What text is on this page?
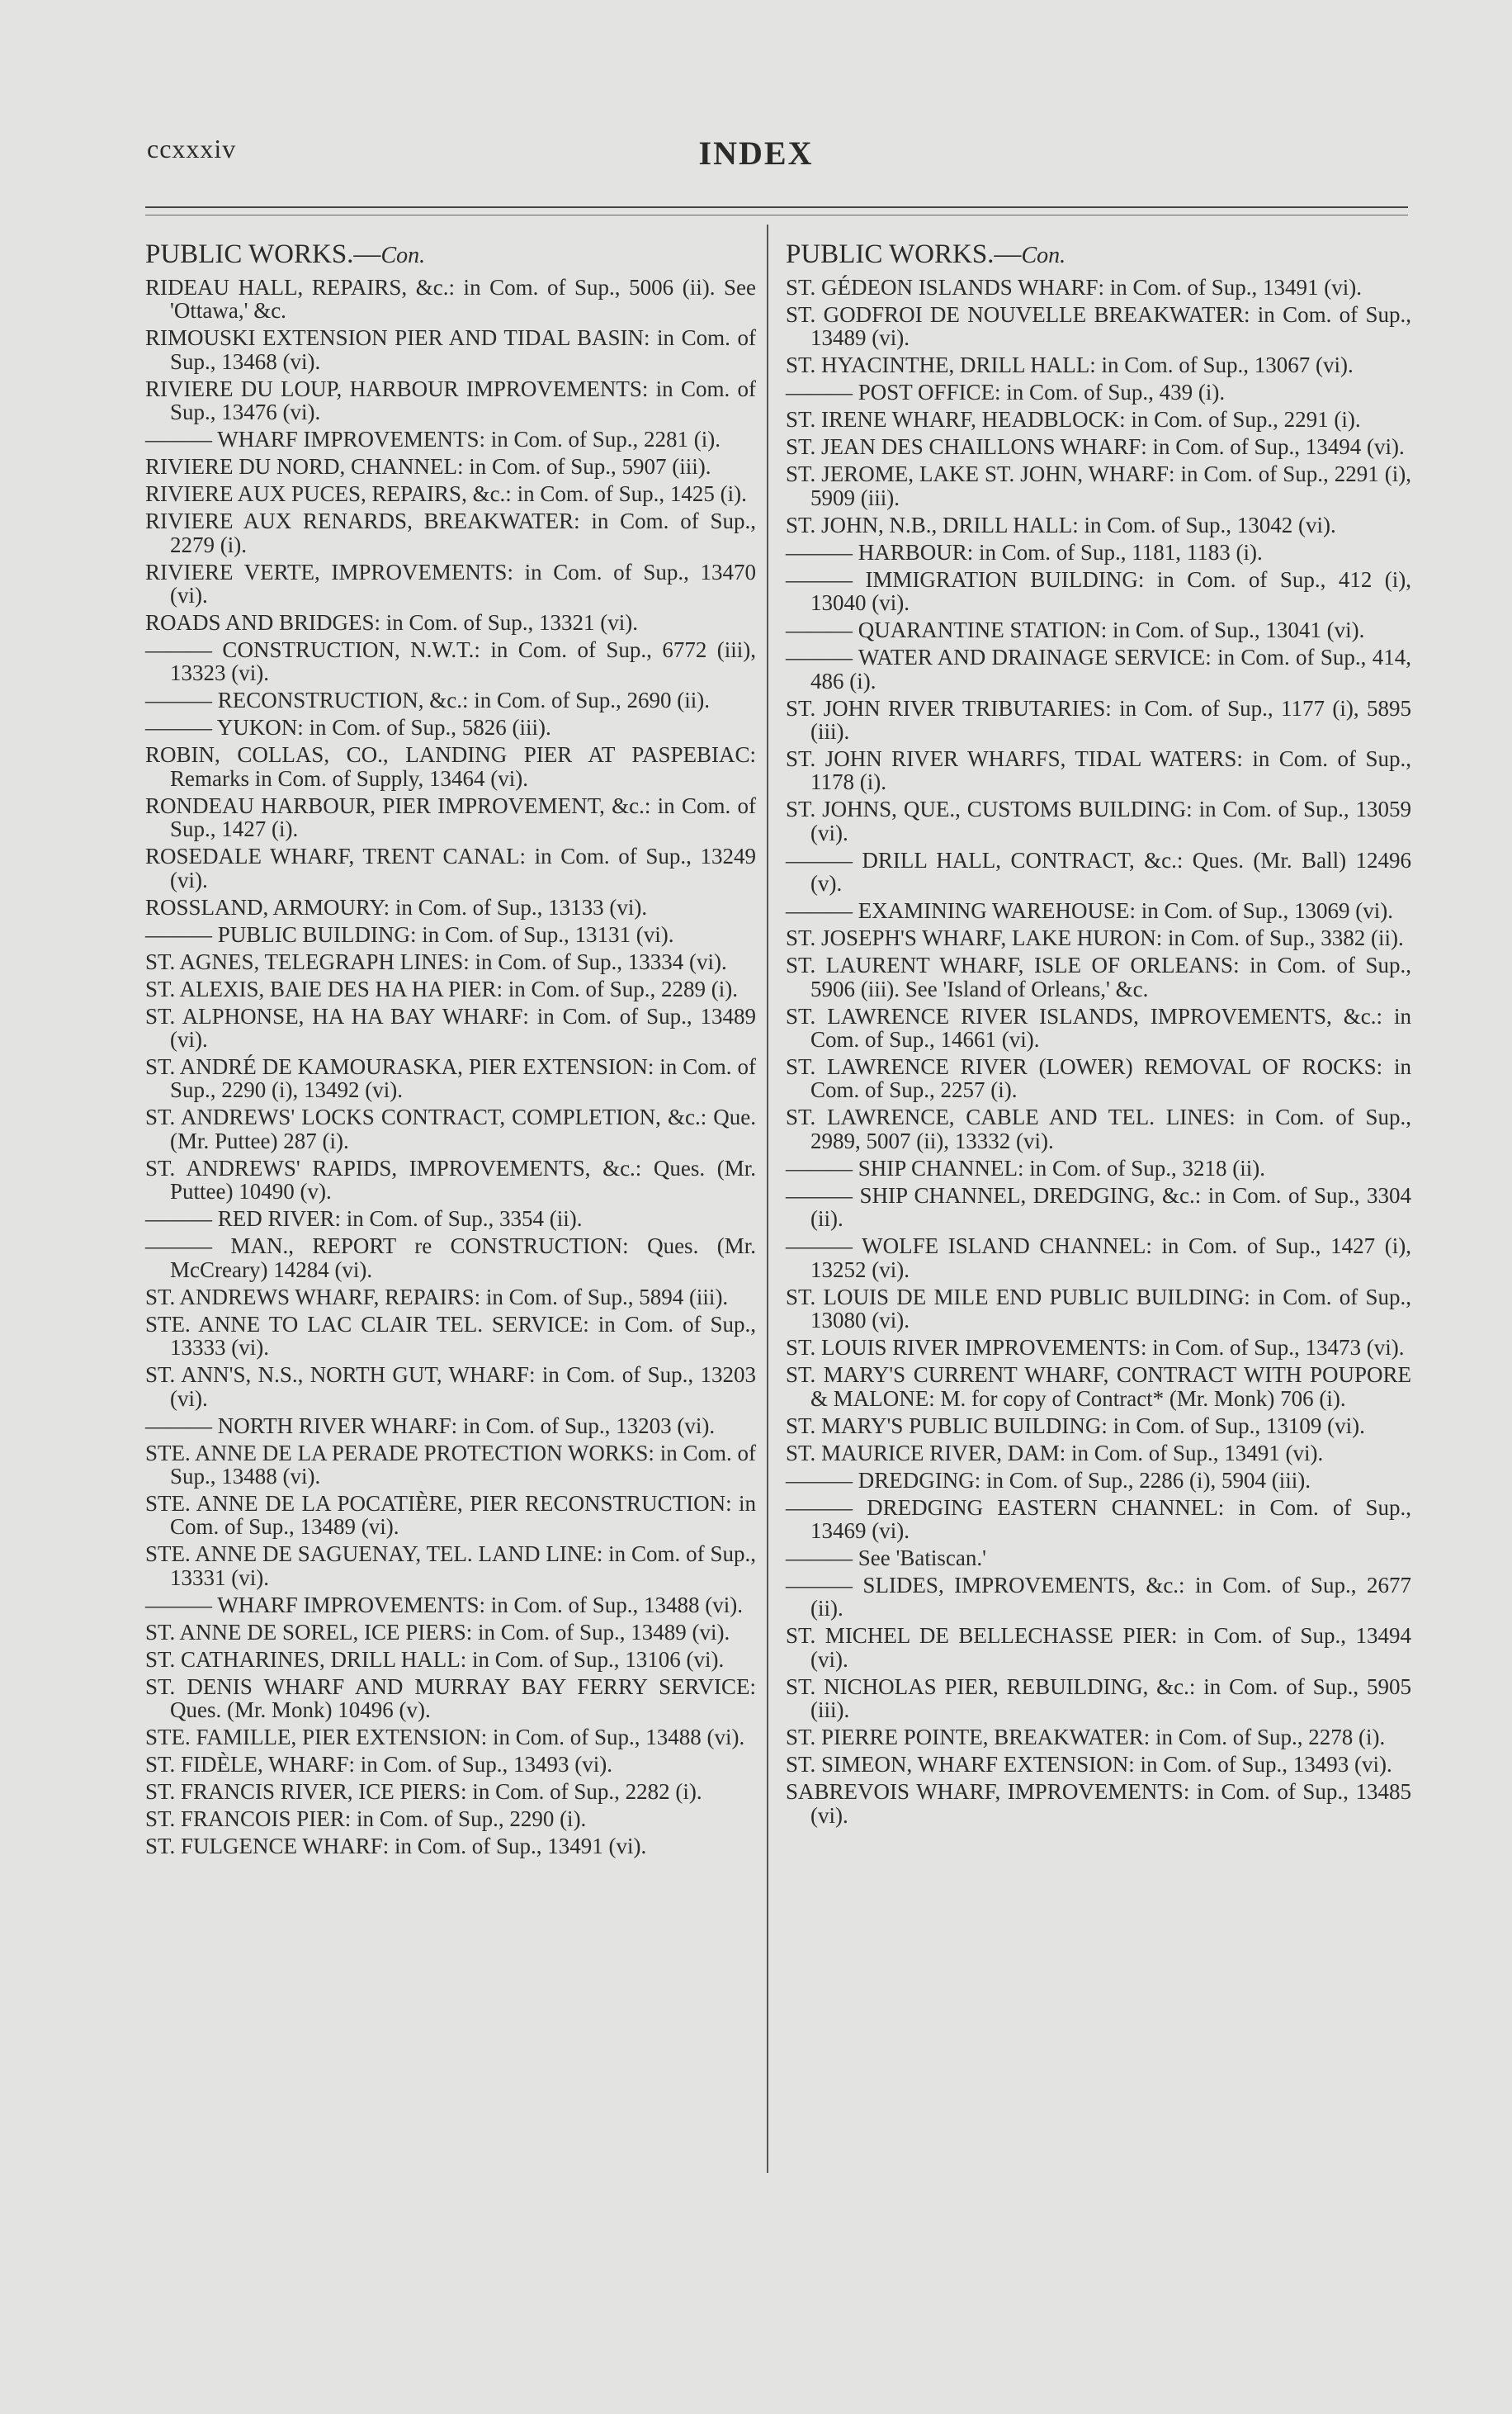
ccxxxiv	INDEX
PUBLIC WORKS.—Con.
RIDEAU HALL, REPAIRS, &c.: in Com. of Sup., 5006 (ii). See 'Ottawa,' &c.
RIMOUSKI EXTENSION PIER AND TIDAL BASIN: in Com. of Sup., 13468 (vi).
RIVIERE DU LOUP, HARBOUR IMPROVEMENTS: in Com. of Sup., 13476 (vi).
——— WHARF IMPROVEMENTS: in Com. of Sup., 2281 (i).
RIVIERE DU NORD, CHANNEL: in Com. of Sup., 5907 (iii).
RIVIERE AUX PUCES, REPAIRS, &c.: in Com. of Sup., 1425 (i).
RIVIERE AUX RENARDS, BREAKWATER: in Com. of Sup., 2279 (i).
RIVIERE VERTE, IMPROVEMENTS: in Com. of Sup., 13470 (vi).
ROADS AND BRIDGES: in Com. of Sup., 13321 (vi).
——— CONSTRUCTION, N.W.T.: in Com. of Sup., 6772 (iii), 13323 (vi).
——— RECONSTRUCTION, &c.: in Com. of Sup., 2690 (ii).
——— YUKON: in Com. of Sup., 5826 (iii).
ROBIN, COLLAS, CO., LANDING PIER AT PASPEBIAC: Remarks in Com. of Supply, 13464 (vi).
RONDEAU HARBOUR, PIER IMPROVEMENT, &c.: in Com. of Sup., 1427 (i).
ROSEDALE WHARF, TRENT CANAL: in Com. of Sup., 13249 (vi).
ROSSLAND, ARMOURY: in Com. of Sup., 13133 (vi).
——— PUBLIC BUILDING: in Com. of Sup., 13131 (vi).
ST. AGNES, TELEGRAPH LINES: in Com. of Sup., 13334 (vi).
ST. ALEXIS, BAIE DES HA HA PIER: in Com. of Sup., 2289 (i).
ST. ALPHONSE, HA HA BAY WHARF: in Com. of Sup., 13489 (vi).
ST. ANDRÉ DE KAMOURASKA, PIER EXTENSION: in Com. of Sup., 2290 (i), 13492 (vi).
ST. ANDREWS' LOCKS CONTRACT, COMPLETION, &c.: Que. (Mr. Puttee) 287 (i).
ST. ANDREWS' RAPIDS, IMPROVEMENTS, &c.: Ques. (Mr. Puttee) 10490 (v).
——— RED RIVER: in Com. of Sup., 3354 (ii).
——— MAN., REPORT re CONSTRUCTION: Ques. (Mr. McCreary) 14284 (vi).
ST. ANDREWS WHARF, REPAIRS: in Com. of Sup., 5894 (iii).
STE. ANNE TO LAC CLAIR TEL. SERVICE: in Com. of Sup., 13333 (vi).
ST. ANN'S, N.S., NORTH GUT, WHARF: in Com. of Sup., 13203 (vi).
——— NORTH RIVER WHARF: in Com. of Sup., 13203 (vi).
STE. ANNE DE LA PERADE PROTECTION WORKS: in Com. of Sup., 13488 (vi).
STE. ANNE DE LA POCATIÈRE, PIER RECONSTRUCTION: in Com. of Sup., 13489 (vi).
STE. ANNE DE SAGUENAY, TEL. LAND LINE: in Com. of Sup., 13331 (vi).
——— WHARF IMPROVEMENTS: in Com. of Sup., 13488 (vi).
ST. ANNE DE SOREL, ICE PIERS: in Com. of Sup., 13489 (vi).
ST. CATHARINES, DRILL HALL: in Com. of Sup., 13106 (vi).
ST. DENIS WHARF AND MURRAY BAY FERRY SERVICE: Ques. (Mr. Monk) 10496 (v).
STE. FAMILLE, PIER EXTENSION: in Com. of Sup., 13488 (vi).
ST. FIDÈLE, WHARF: in Com. of Sup., 13493 (vi).
ST. FRANCIS RIVER, ICE PIERS: in Com. of Sup., 2282 (i).
ST. FRANCOIS PIER: in Com. of Sup., 2290 (i).
ST. FULGENCE WHARF: in Com. of Sup., 13491 (vi).
PUBLIC WORKS.—Con.
ST. GÉDEON ISLANDS WHARF: in Com. of Sup., 13491 (vi).
ST. GODFROI DE NOUVELLE BREAKWATER: in Com. of Sup., 13489 (vi).
ST. HYACINTHE, DRILL HALL: in Com. of Sup., 13067 (vi).
——— POST OFFICE: in Com. of Sup., 439 (i).
ST. IRENE WHARF, HEADBLOCK: in Com. of Sup., 2291 (i).
ST. JEAN DES CHAILLONS WHARF: in Com. of Sup., 13494 (vi).
ST. JEROME, LAKE ST. JOHN, WHARF: in Com. of Sup., 2291 (i), 5909 (iii).
ST. JOHN, N.B., DRILL HALL: in Com. of Sup., 13042 (vi).
——— HARBOUR: in Com. of Sup., 1181, 1183 (i).
——— IMMIGRATION BUILDING: in Com. of Sup., 412 (i), 13040 (vi).
——— QUARANTINE STATION: in Com. of Sup., 13041 (vi).
——— WATER AND DRAINAGE SERVICE: in Com. of Sup., 414, 486 (i).
ST. JOHN RIVER TRIBUTARIES: in Com. of Sup., 1177 (i), 5895 (iii).
ST. JOHN RIVER WHARFS, TIDAL WATERS: in Com. of Sup., 1178 (i).
ST. JOHNS, QUE., CUSTOMS BUILDING: in Com. of Sup., 13059 (vi).
——— DRILL HALL, CONTRACT, &c.: Ques. (Mr. Ball) 12496 (v).
——— EXAMINING WAREHOUSE: in Com. of Sup., 13069 (vi).
ST. JOSEPH'S WHARF, LAKE HURON: in Com. of Sup., 3382 (ii).
ST. LAURENT WHARF, ISLE OF ORLEANS: in Com. of Sup., 5906 (iii). See 'Island of Orleans,' &c.
ST. LAWRENCE RIVER ISLANDS, IMPROVEMENTS, &c.: in Com. of Sup., 14661 (vi).
ST. LAWRENCE RIVER (LOWER) REMOVAL OF ROCKS: in Com. of Sup., 2257 (i).
ST. LAWRENCE, CABLE AND TEL. LINES: in Com. of Sup., 2989, 5007 (ii), 13332 (vi).
——— SHIP CHANNEL: in Com. of Sup., 3218 (ii).
——— SHIP CHANNEL, DREDGING, &c.: in Com. of Sup., 3304 (ii).
——— WOLFE ISLAND CHANNEL: in Com. of Sup., 1427 (i), 13252 (vi).
ST. LOUIS DE MILE END PUBLIC BUILDING: in Com. of Sup., 13080 (vi).
ST. LOUIS RIVER IMPROVEMENTS: in Com. of Sup., 13473 (vi).
ST. MARY'S CURRENT WHARF, CONTRACT WITH POUPORE & MALONE: M. for copy of Contract* (Mr. Monk) 706 (i).
ST. MARY'S PUBLIC BUILDING: in Com. of Sup., 13109 (vi).
ST. MAURICE RIVER, DAM: in Com. of Sup., 13491 (vi).
——— DREDGING: in Com. of Sup., 2286 (i), 5904 (iii).
——— DREDGING EASTERN CHANNEL: in Com. of Sup., 13469 (vi).
——— See 'Batiscan.'
——— SLIDES, IMPROVEMENTS, &c.: in Com. of Sup., 2677 (ii).
ST. MICHEL DE BELLECHASSE PIER: in Com. of Sup., 13494 (vi).
ST. NICHOLAS PIER, REBUILDING, &c.: in Com. of Sup., 5905 (iii).
ST. PIERRE POINTE, BREAKWATER: in Com. of Sup., 2278 (i).
ST. SIMEON, WHARF EXTENSION: in Com. of Sup., 13493 (vi).
SABREVOIS WHARF, IMPROVEMENTS: in Com. of Sup., 13485 (vi).
